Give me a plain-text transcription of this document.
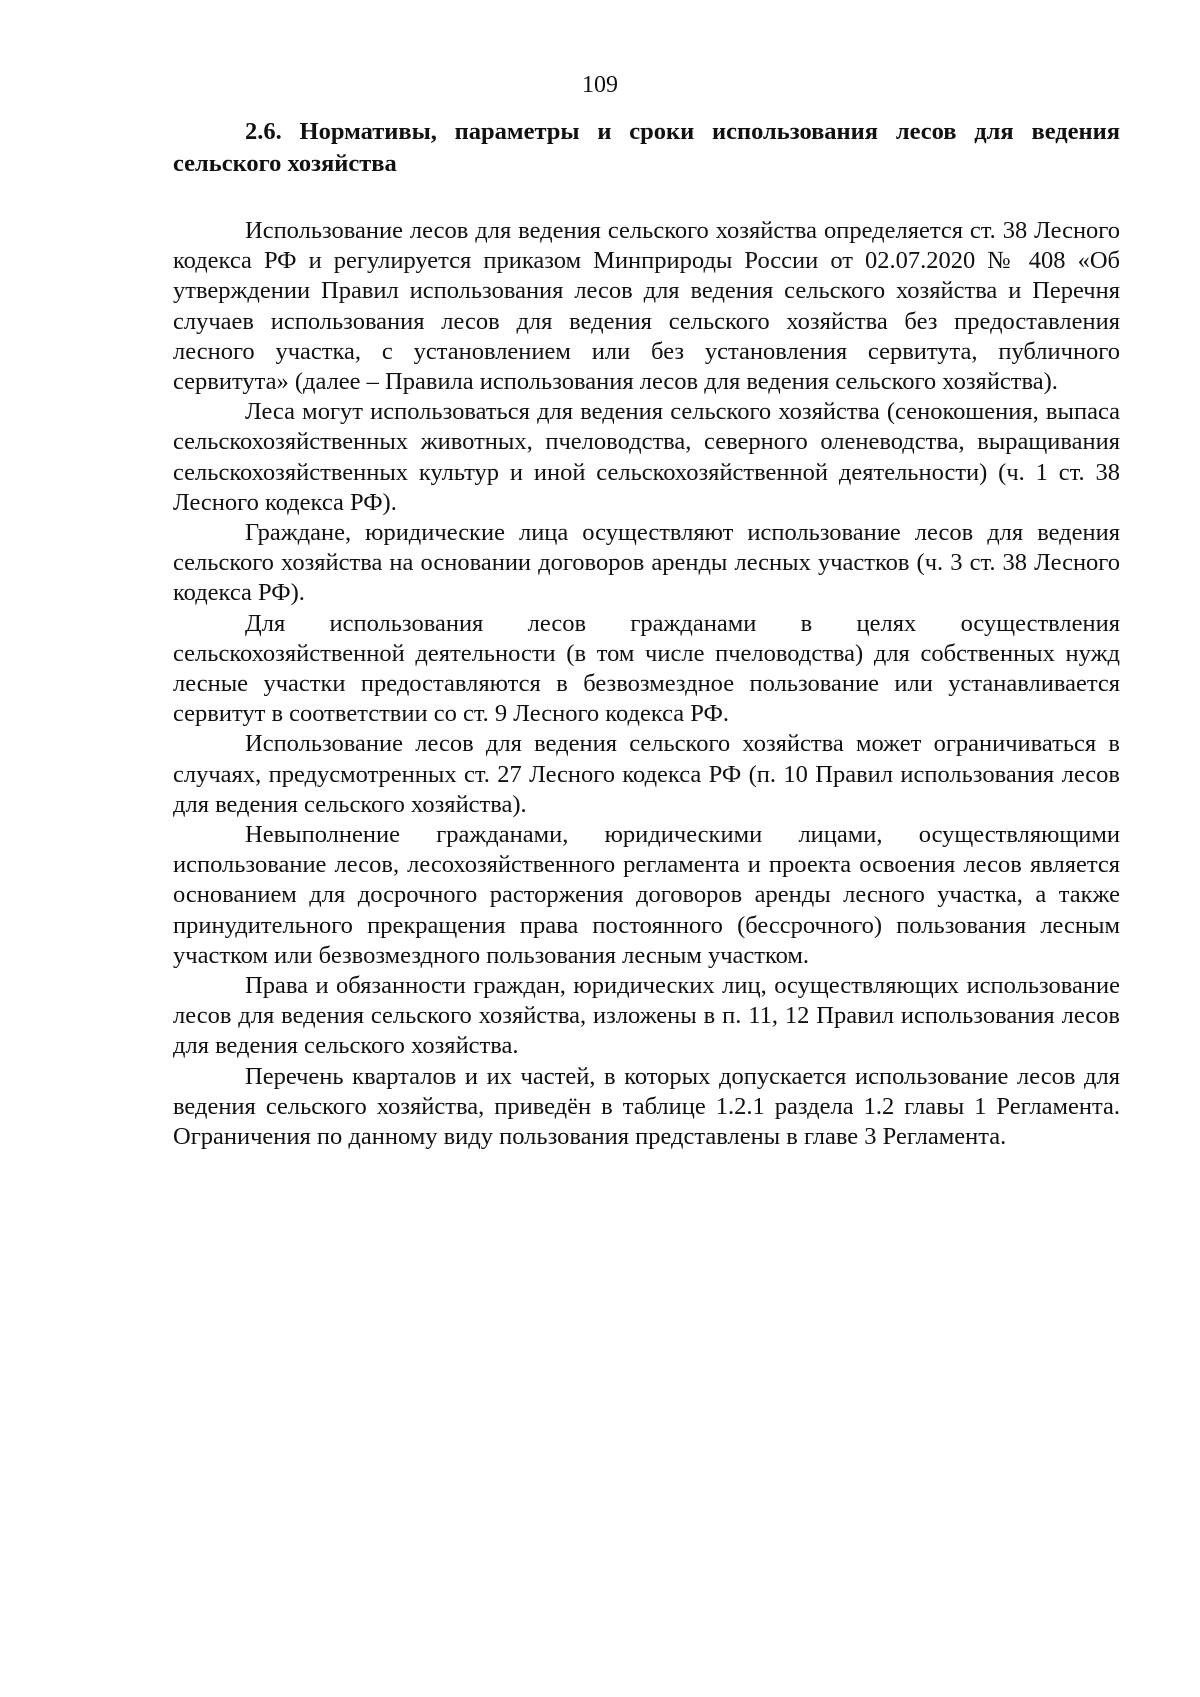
109
2.6. Нормативы, параметры и сроки использования лесов для ведения сельского хозяйства

Использование лесов для ведения сельского хозяйства определяется ст. 38 Лесного кодекса РФ и регулируется приказом Минприроды России от 02.07.2020 № 408 «Об утверждении Правил использования лесов для ведения сельского хозяйства и Перечня случаев использования лесов для ведения сельского хозяйства без предоставления лесного участка, с установлением или без установления сервитута, публичного сервитута» (далее – Правила использования лесов для ведения сельского хозяйства).

Леса могут использоваться для ведения сельского хозяйства (сенокошения, выпаса сельскохозяйственных животных, пчеловодства, северного оленеводства, выращивания сельскохозяйственных культур и иной сельскохозяйственной деятельности) (ч. 1 ст. 38 Лесного кодекса РФ).

Граждане, юридические лица осуществляют использование лесов для ведения сельского хозяйства на основании договоров аренды лесных участков (ч. 3 ст. 38 Лесного кодекса РФ).

Для использования лесов гражданами в целях осуществления сельскохозяйственной деятельности (в том числе пчеловодства) для собственных нужд лесные участки предоставляются в безвозмездное пользование или устанавливается сервитут в соответствии со ст. 9 Лесного кодекса РФ.

Использование лесов для ведения сельского хозяйства может ограничиваться в случаях, предусмотренных ст. 27 Лесного кодекса РФ (п. 10 Правил использования лесов для ведения сельского хозяйства).

Невыполнение гражданами, юридическими лицами, осуществляющими использование лесов, лесохозяйственного регламента и проекта освоения лесов является основанием для досрочного расторжения договоров аренды лесного участка, а также принудительного прекращения права постоянного (бессрочного) пользования лесным участком или безвозмездного пользования лесным участком.

Права и обязанности граждан, юридических лиц, осуществляющих использование лесов для ведения сельского хозяйства, изложены в п. 11, 12 Правил использования лесов для ведения сельского хозяйства.

Перечень кварталов и их частей, в которых допускается использование лесов для ведения сельского хозяйства, приведён в таблице 1.2.1 раздела 1.2 главы 1 Регламента. Ограничения по данному виду пользования представлены в главе 3 Регламента.
